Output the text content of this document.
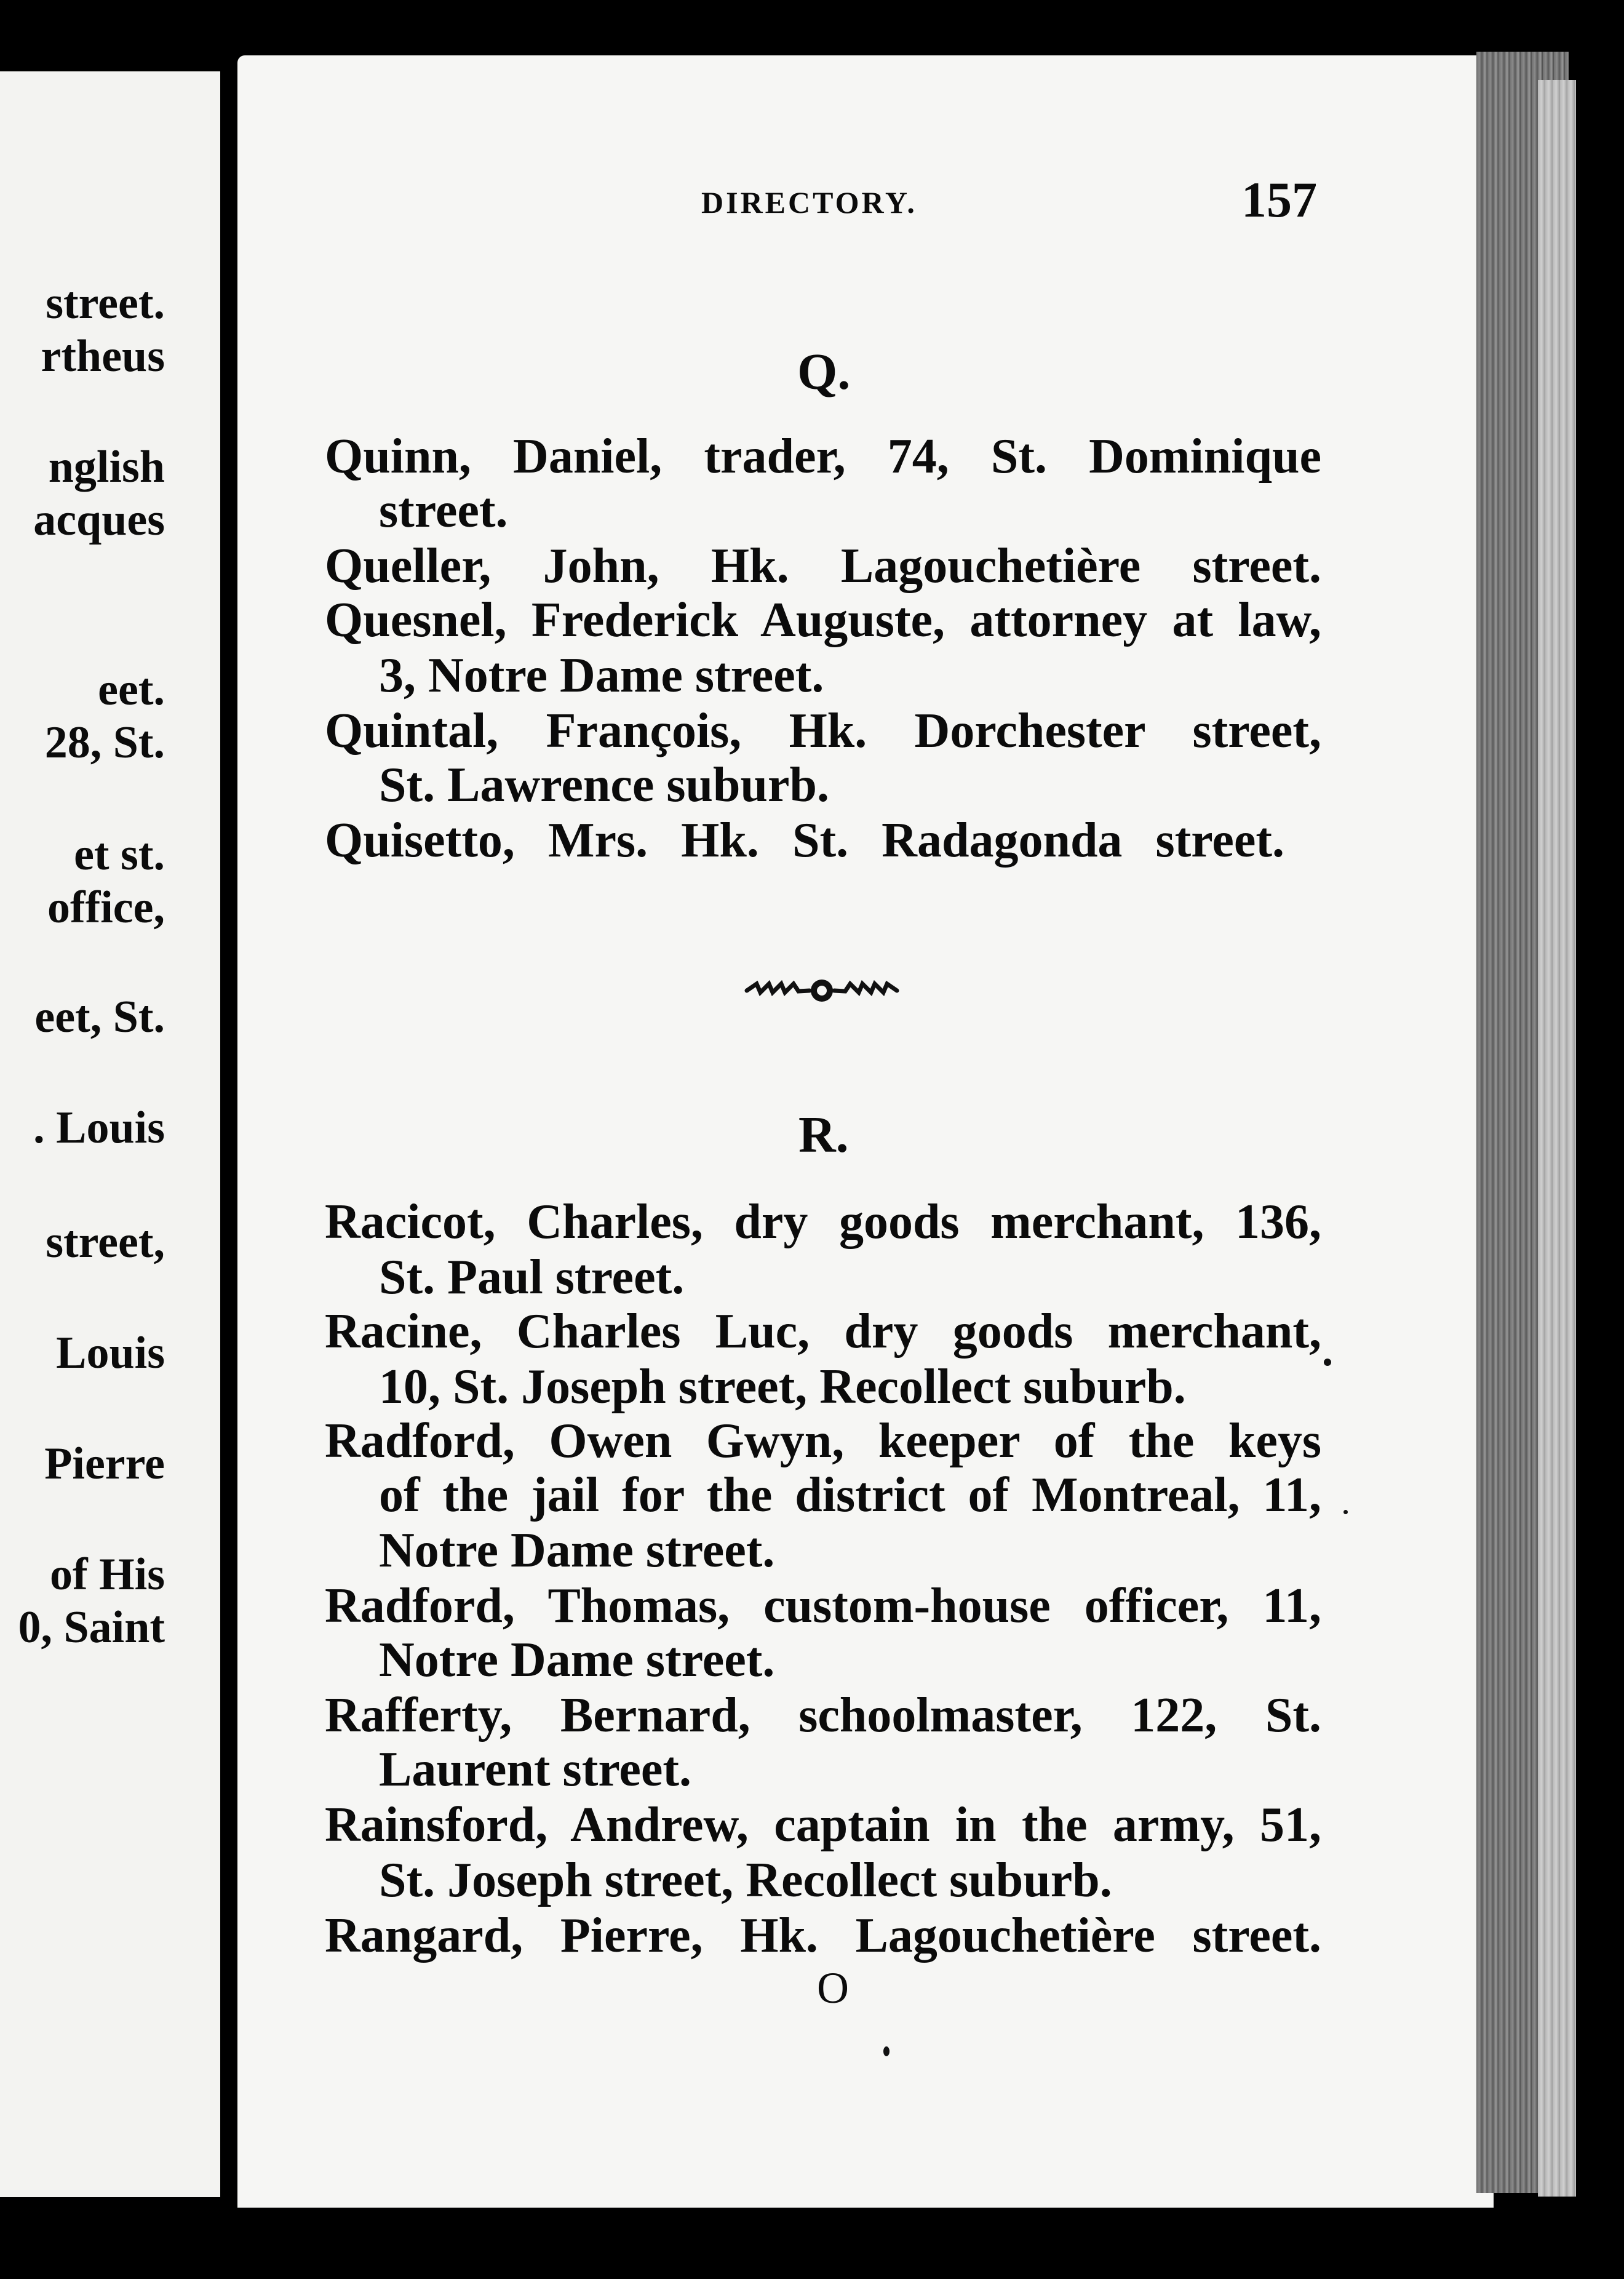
street.
rtheus
nglish
acques
eet.
28, St.
et st.
office,
eet, St.
. Louis
street,
Louis
Pierre
of His
0, Saint
DIRECTORY.	157
Q.
Quinn, Daniel, trader, 74, St. Dominique
street.
Queller, John, Hk. Lagouchetière street.
Quesnel, Frederick Auguste, attorney at law,
3, Notre Dame street.
Quintal, François, Hk. Dorchester street,
St. Lawrence suburb.
Quisetto, Mrs. Hk. St. Radagonda street.
R.
Racicot, Charles, dry goods merchant, 136,
St. Paul street.
Racine, Charles Luc, dry goods merchant,
10, St. Joseph street, Recollect suburb.
Radford, Owen Gwyn, keeper of the keys
of the jail for the district of Montreal, 11,
Notre Dame street.
Radford, Thomas, custom-house officer, 11,
Notre Dame street.
Rafferty, Bernard, schoolmaster, 122, St.
Laurent street.
Rainsford, Andrew, captain in the army, 51,
St. Joseph street, Recollect suburb.
Rangard, Pierre, Hk. Lagouchetière street.
O
